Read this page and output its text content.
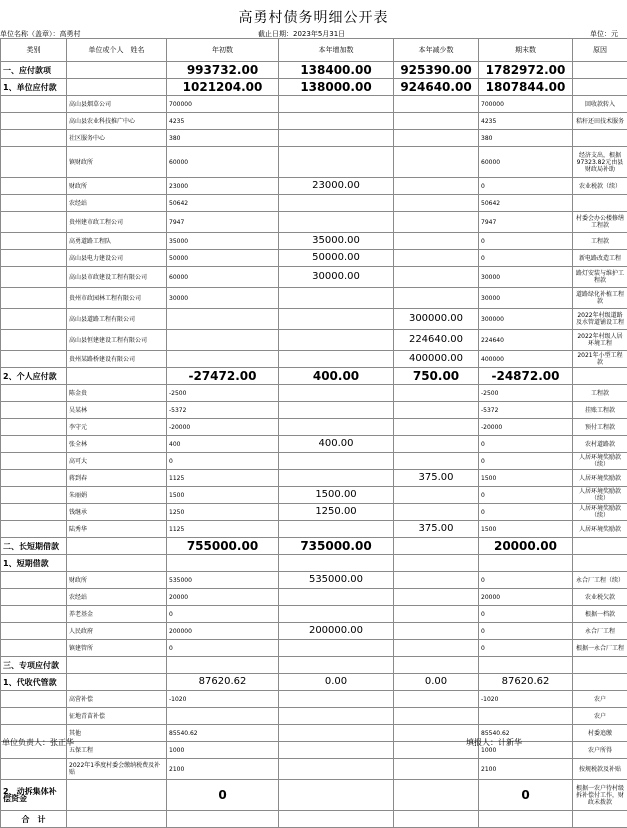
高勇村债务明细公开表
单位名称（盖章）：高勇村	截止日期：2023年5月31日	单位：元
类别	单位或个人　姓名	年初数	本年增加数	本年减少数	期末数	原因
一、应付款项		993732.00	138400.00	925390.00	1782972.00	
1、单位应付款		1021204.00	138000.00	924640.00	1807844.00	
	高山县烟草公司	700000			700000	回收款转入
	高山县农业科技推广中心	4235			4235	秸秆还田技术服务
	社区服务中心	380			380	
	镇财政所	60000			60000	经济支出，根据97323.82元由县财政局补助
	财政所	23000	23000.00		0	农业税款（续）
	农经站	50642			50642	
	贵州建市政工程公司	7947			7947	村委会办公楼修缮工程款
	高勇道路工程队	35000	35000.00		0	工程款
	高山县电力建设公司	50000	50000.00		0	新电路改造工程
	高山县市政建设工程有限公司	60000	30000.00		30000	路灯安装与维护工程款
	贵州市政园林工程有限公司	30000			30000	道路绿化补植工程款
	高山县道路工程有限公司			300000.00	300000	2022年村级道路及水管道铺设工程
	高山县恒建建设工程有限公司			224640.00	224640	2022年村级人居环境工程
	贵州某路桥建设有限公司			400000.00	400000	2021年小型工程款
2、个人应付款		-27472.00	400.00	750.00	-24872.00	
	陈金贵	-2500			-2500	工程款
	吴某林	-5372			-5372	挂账工程款
	李守元	-20000			-20000	预付工程款
	张全林	400	400.00		0	农村道路款
	高可大	0			0	人居环境奖励款（续）
	蒋到春	1125		375.00	1500	人居环境奖励款
	朱丽娟	1500	1500.00		0	人居环境奖励款（续）
	钱继承	1250	1250.00		0	人居环境奖励款（续）
	陆秀华	1125		375.00	1500	人居环境奖励款
二、长短期借款		755000.00	735000.00		20000.00	
1、短期借款						
	财政所	535000	535000.00		0	永合厂工程（续）
	农经站	20000			20000	农业税欠款
	养老基金	0			0	根据一档款
	人民政府	200000	200000.00		0	永合厂工程
	镇建管所	0			0	根据一永合厂工程
三、专项应付款						
1、代收代管款		87620.62	0.00	0.00	87620.62	
	高营补偿	-1020			-1020	农户
	征地青苗补偿					农户
	其他	85540.62			85540.62	村委追缴
	五保工程	1000			1000	农户所得
	2022年1季度村委会缴纳税费及补贴	2100			2100	按规税款及补贴
2、动拆集体补偿资金		0			0	根据一农户待村级拆补偿付工作，财政未拨款
合　计						
单位负责人：张正华	填报人：计新华
